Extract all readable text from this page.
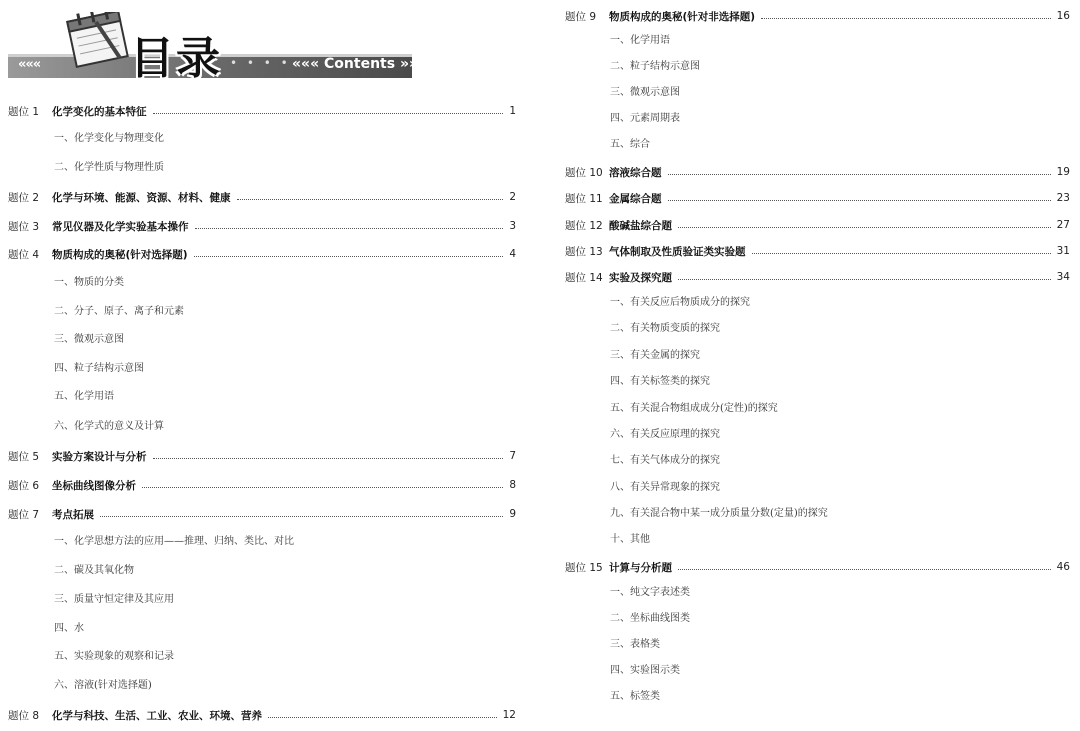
««« 目录 • • • • ««« Contents »»»
题位 1	化学变化的基本特征	1
一、化学变化与物理变化
二、化学性质与物理性质
题位 2	化学与环境、能源、资源、材料、健康	2
题位 3	常见仪器及化学实验基本操作	3
题位 4	物质构成的奥秘(针对选择题)	4
一、物质的分类
二、分子、原子、离子和元素
三、微观示意图
四、粒子结构示意图
五、化学用语
六、化学式的意义及计算
题位 5	实验方案设计与分析	7
题位 6	坐标曲线图像分析	8
题位 7	考点拓展	9
一、化学思想方法的应用——推理、归纳、类比、对比
二、碳及其氧化物
三、质量守恒定律及其应用
四、水
五、实验现象的观察和记录
六、溶液(针对选择题)
题位 8	化学与科技、生活、工业、农业、环境、营养	12
题位 9	物质构成的奥秘(针对非选择题)	16
一、化学用语
二、粒子结构示意图
三、微观示意图
四、元素周期表
五、综合
题位 10 溶液综合题	19
题位 11 金属综合题	23
题位 12 酸碱盐综合题	27
题位 13 气体制取及性质验证类实验题	31
题位 14 实验及探究题	34
一、有关反应后物质成分的探究
二、有关物质变质的探究
三、有关金属的探究
四、有关标签类的探究
五、有关混合物组成成分(定性)的探究
六、有关反应原理的探究
七、有关气体成分的探究
八、有关异常现象的探究
九、有关混合物中某一成分质量分数(定量)的探究
十、其他
题位 15 计算与分析题	46
一、纯文字表述类
二、坐标曲线图类
三、表格类
四、实验图示类
五、标签类
